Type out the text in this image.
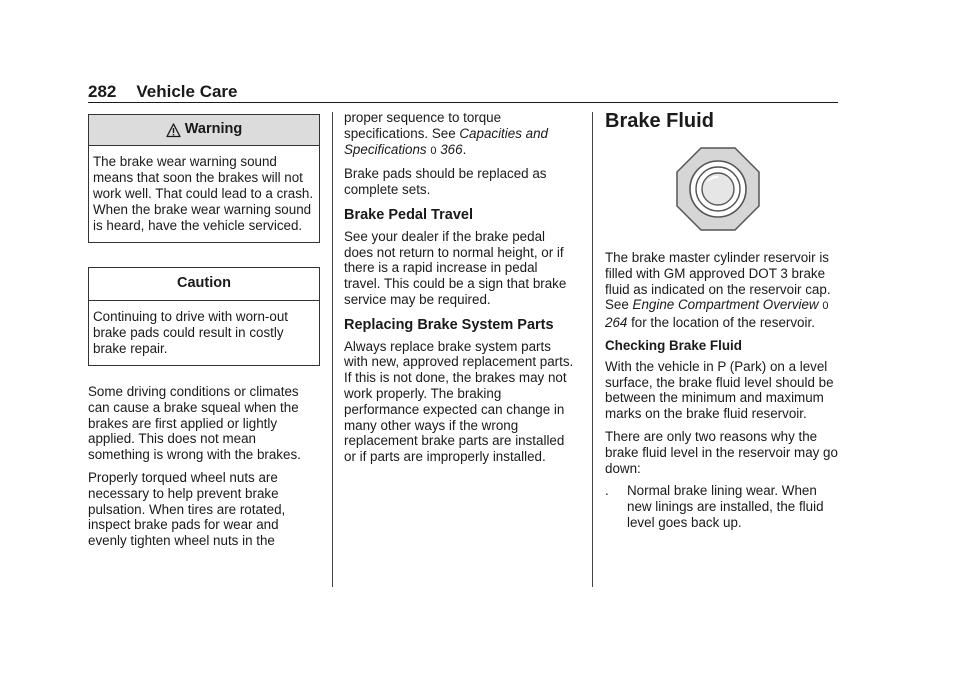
282 Vehicle Care
Warning
The brake wear warning sound means that soon the brakes will not work well. That could lead to a crash. When the brake wear warning sound is heard, have the vehicle serviced.
Caution
Continuing to drive with worn-out brake pads could result in costly brake repair.

Some driving conditions or climates can cause a brake squeal when the brakes are first applied or lightly applied. This does not mean something is wrong with the brakes.

Properly torqued wheel nuts are necessary to help prevent brake pulsation. When tires are rotated, inspect brake pads for wear and evenly tighten wheel nuts in the

proper sequence to torque specifications. See Capacities and Specifications 0 366.

Brake pads should be replaced as complete sets.

Brake Pedal Travel

See your dealer if the brake pedal does not return to normal height, or if there is a rapid increase in pedal travel. This could be a sign that brake service may be required.

Replacing Brake System Parts

Always replace brake system parts with new, approved replacement parts. If this is not done, the brakes may not work properly. The braking performance expected can change in many other ways if the wrong replacement brake parts are installed or if parts are improperly installed.

Brake Fluid

The brake master cylinder reservoir is filled with GM approved DOT 3 brake fluid as indicated on the reservoir cap. See Engine Compartment Overview 0 264 for the location of the reservoir.

Checking Brake Fluid

With the vehicle in P (Park) on a level surface, the brake fluid level should be between the minimum and maximum marks on the brake fluid reservoir.

There are only two reasons why the brake fluid level in the reservoir may go down:

.	Normal brake lining wear. When new linings are installed, the fluid level goes back up.
